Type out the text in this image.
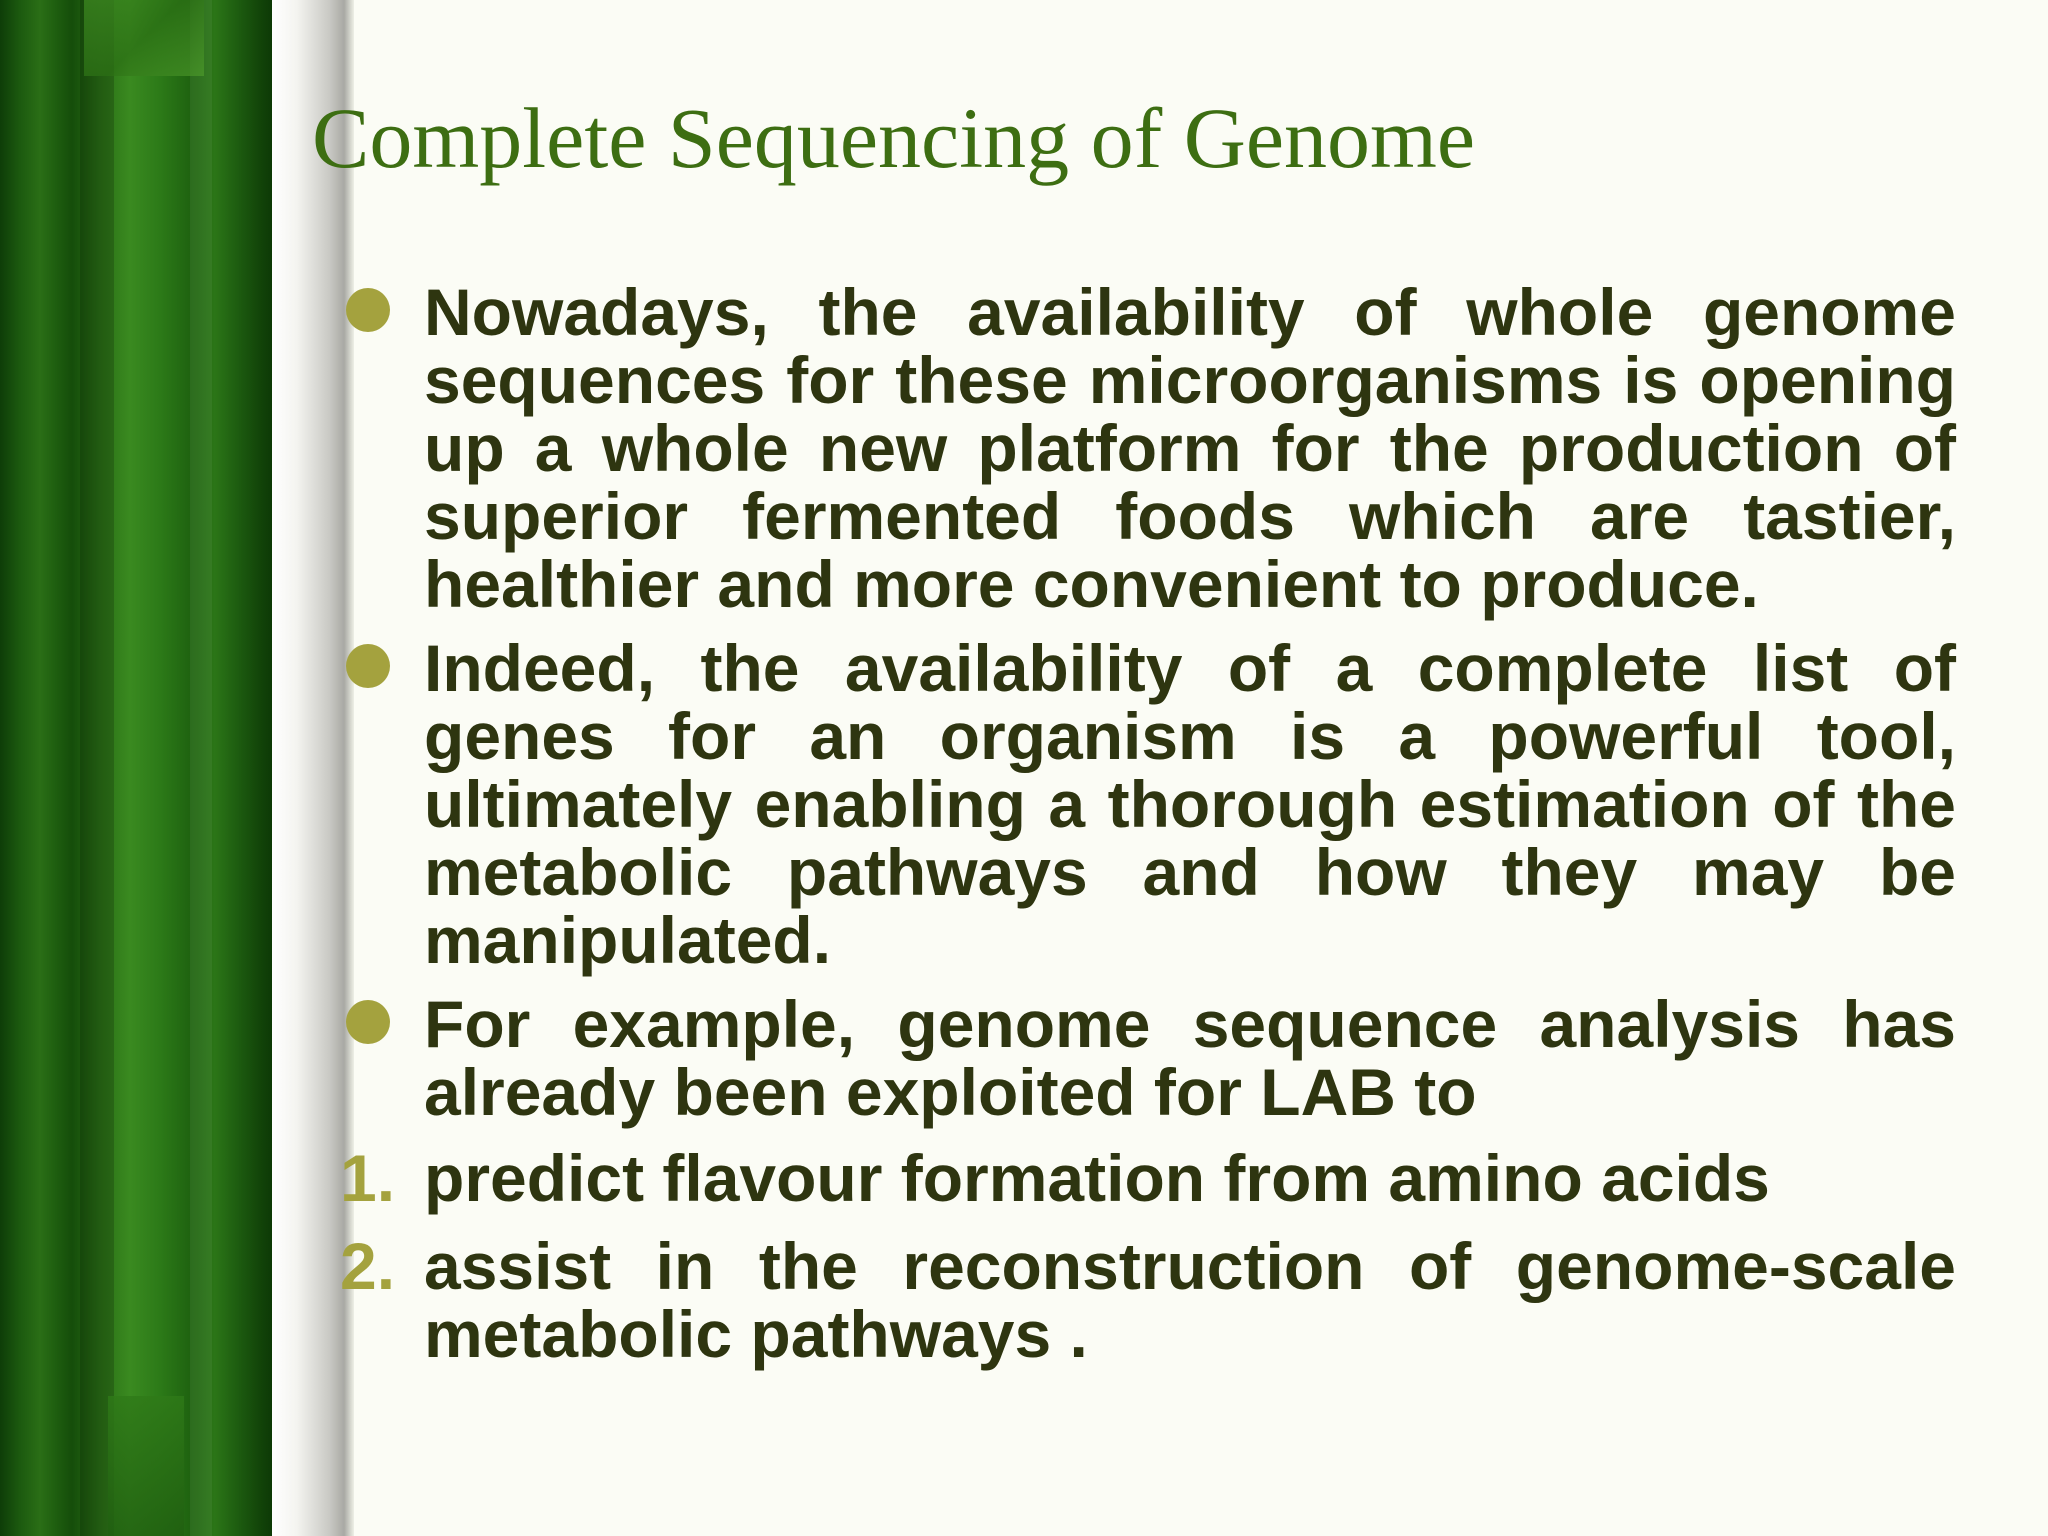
Complete Sequencing of Genome

Nowadays, the availability of whole genome sequences for these microorganisms is opening up a whole new platform for the production of superior fermented foods which are tastier, healthier and more convenient to produce.

Indeed, the availability of a complete list of genes for an organism is a powerful tool, ultimately enabling a thorough estimation of the metabolic pathways and how they may be manipulated.

For example, genome sequence analysis has already been exploited for LAB to

1. predict flavour formation from amino acids

2. assist in the reconstruction of genome-scale metabolic pathways .
